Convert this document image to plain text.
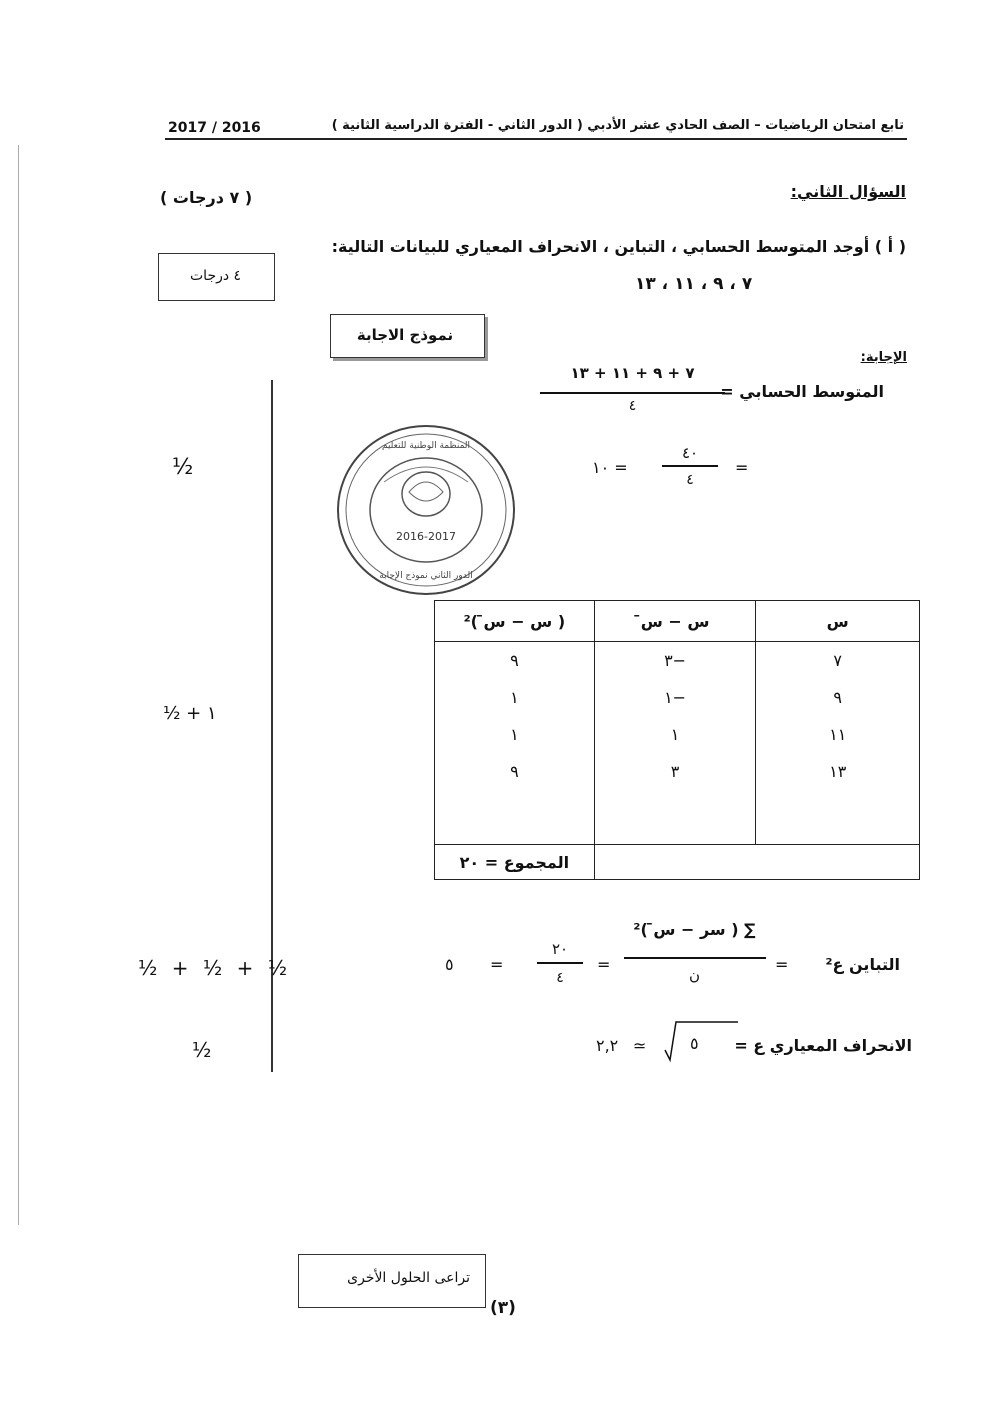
تابع امتحان الرياضيات – الصف الحادي عشر الأدبي ( الدور الثاني - الفترة الدراسية الثانية )
2017 / 2016
السؤال الثاني:
( ٧ درجات )
( أ ) أوجد المتوسط الحسابي ، التباين ، الانحراف المعياري للبيانات التالية:
٧ ، ٩ ، ١١ ، ١٣
٤ درجات
نموذج الاجابة
الإجابة:
٧ + ٩ + ١١ + ١٣
٤
المتوسط الحسابي =
=
٤٠
٤
= ١٠
½
2016-2017
المنظمة الوطنية للتعليم
الدور الثاني نموذج الإجابة
س	س − س̄	( س − س̄ )²
٧	−٣	٩
٩	−١	١
١١	١	١
١٣	٣	٩

		المجموع = ٢٠
½ + ١
التباين ع²
=
∑ ( سر − س̄ )²
ن
=
٢٠
٤
=
٥
½ + ½ + ½
الانحراف المعياري ع =
٥
≃
٢,٢
½
تراعى الحلول الأخرى
(٣)
